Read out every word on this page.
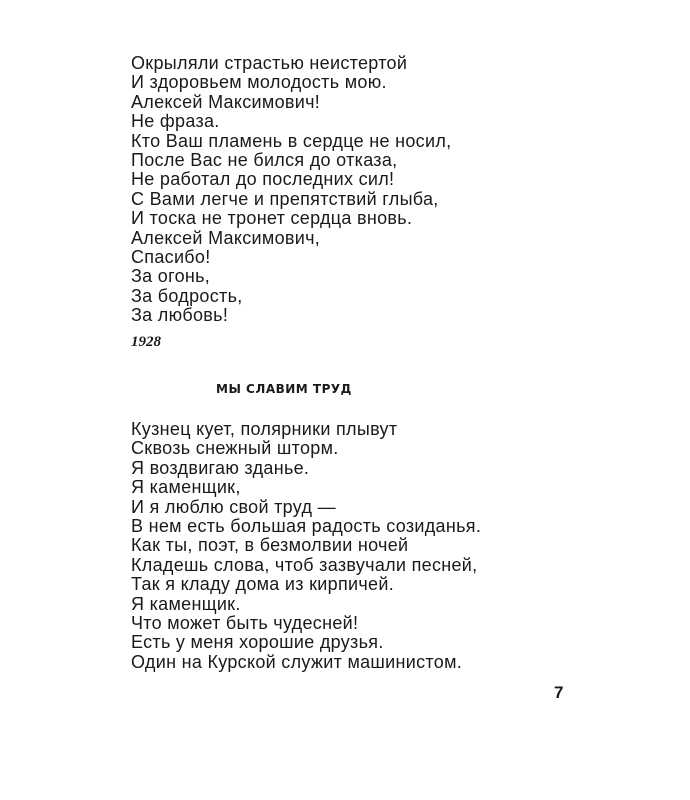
Окрыляли страстью неистертой
И здоровьем молодость мою.
Алексей Максимович!
Не фраза.
Кто Ваш пламень в сердце не носил,
После Вас не бился до отказа,
Не работал до последних сил!
С Вами легче и препятствий глыба,
И тоска не тронет сердца вновь.
Алексей Максимович,
Спасибо!
За огонь,
За бодрость,
За любовь!
1928
МЫ СЛАВИМ ТРУД
Кузнец кует, полярники плывут
Сквозь снежный шторм.
Я воздвигаю зданье.
Я каменщик,
И я люблю свой труд —
В нем есть большая радость созиданья.
Как ты, поэт, в безмолвии ночей
Кладешь слова, чтоб зазвучали песней,
Так я кладу дома из кирпичей.
Я каменщик.
Что может быть чудесней!
Есть у меня хорошие друзья.
Один на Курской служит машинистом.
7
